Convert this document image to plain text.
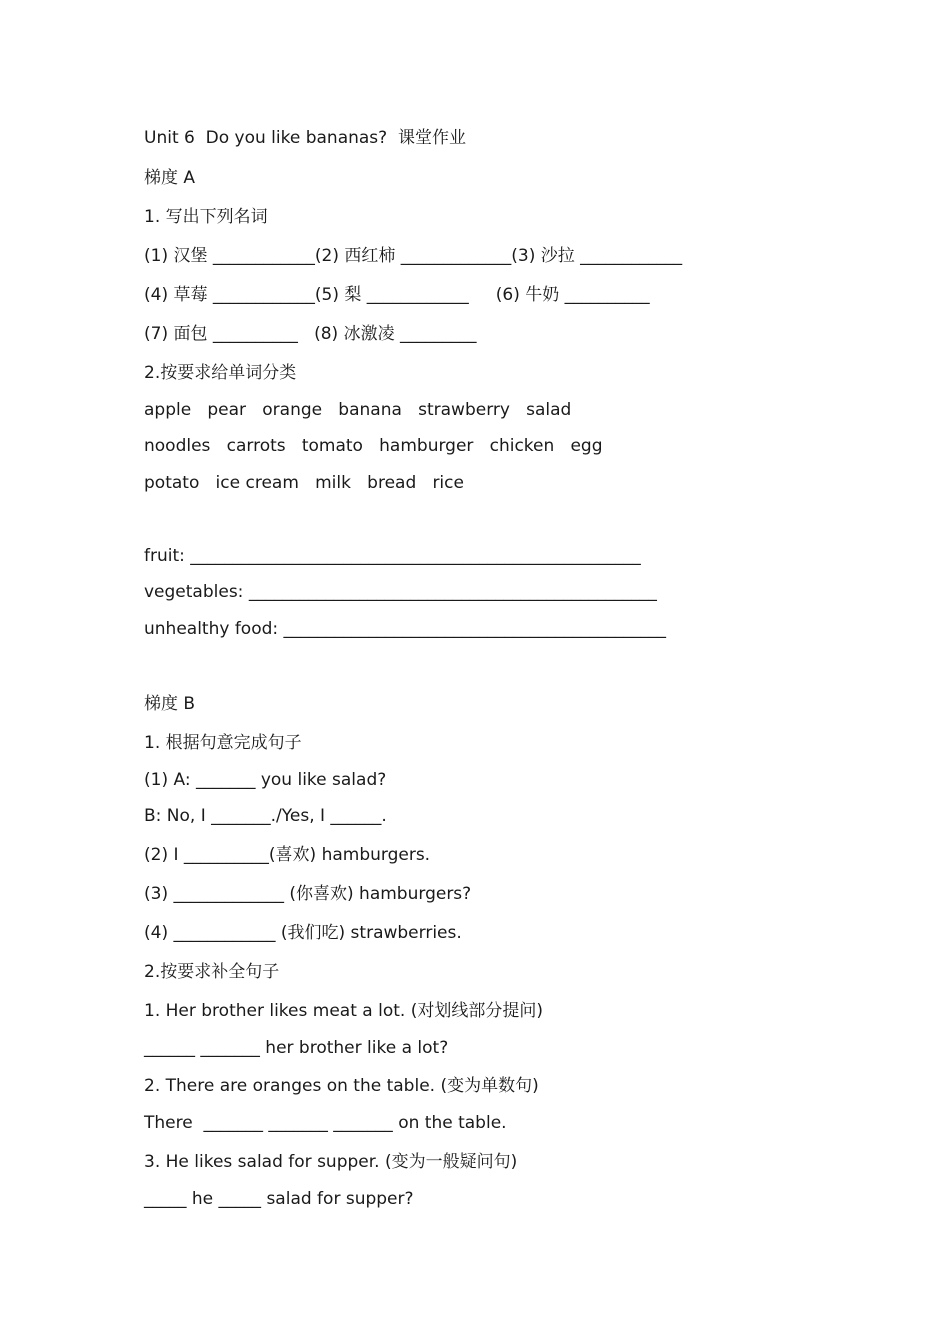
Unit 6  Do you like bananas?  课堂作业
梯度 A
1. 写出下列名词
(1) 汉堡 ____________(2) 西红柿 _____________(3) 沙拉 ____________
(4) 草莓 ____________(5) 梨 ____________     (6) 牛奶 __________
(7) 面包 __________   (8) 冰激凌 _________
2.按要求给单词分类
apple   pear   orange   banana   strawberry   salad
noodles   carrots   tomato   hamburger   chicken   egg
potato   ice cream   milk   bread   rice
fruit: _____________________________________________________
vegetables: ________________________________________________
unhealthy food: _____________________________________________
梯度 B
1. 根据句意完成句子
(1) A: _______ you like salad?
B: No, I _______./Yes, I ______.
(2) I __________(喜欢) hamburgers.
(3) _____________ (你喜欢) hamburgers?
(4) ____________ (我们吃) strawberries.
2.按要求补全句子
1. Her brother likes meat a lot. (对划线部分提问)
______ _______ her brother like a lot?
2. There are oranges on the table. (变为单数句)
There  _______ _______ _______ on the table.
3. He likes salad for supper. (变为一般疑问句)
_____ he _____ salad for supper?
